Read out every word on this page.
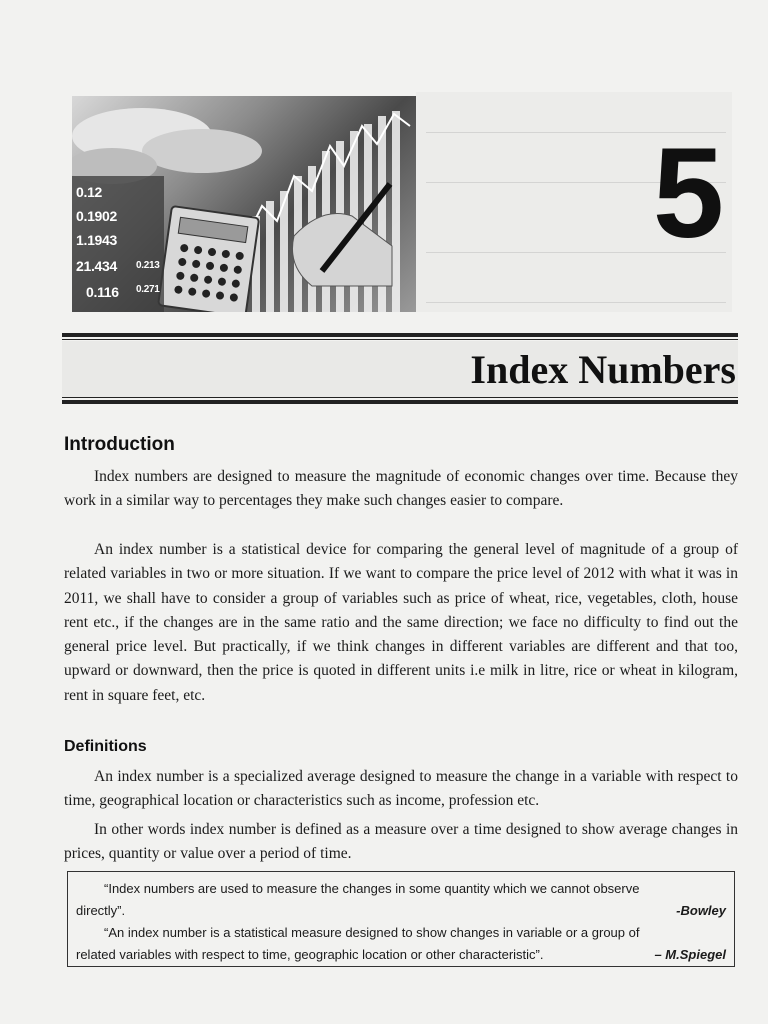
0.12
0.1902
1.1943
21.434
0.116
0.213
0.271
5
Index Numbers
Introduction

Index numbers are designed to measure the magnitude of economic changes over time. Because they work in a similar way to percentages they make such changes easier to compare.

An index number is a statistical device for comparing the general level of magnitude of a group of related variables in two or more situation. If we want to compare the price level of 2012 with what it was in 2011, we shall have to consider a group of variables such as price of wheat, rice, vegetables, cloth, house rent etc., if the changes are in the same ratio and the same direction; we face no difficulty to find out the general price level. But practically, if we think changes in different variables are different and that too, upward or downward, then the price is quoted in different units i.e milk in litre, rice or wheat in kilogram, rent in square feet, etc.

Definitions

An index number is a specialized average designed to measure the change in a variable with respect to time, geographical location or characteristics such as income, profession etc.

In other words index number is defined as a measure over a time designed to show average changes in prices, quantity or value over a period of time.

“Index numbers are used to measure the changes in some quantity which we cannot observe
directly”.	-Bowley
“An index number is a statistical measure designed to show changes in variable or a group of
related variables with respect to time, geographic location or other characteristic”.	– M.Spiegel
